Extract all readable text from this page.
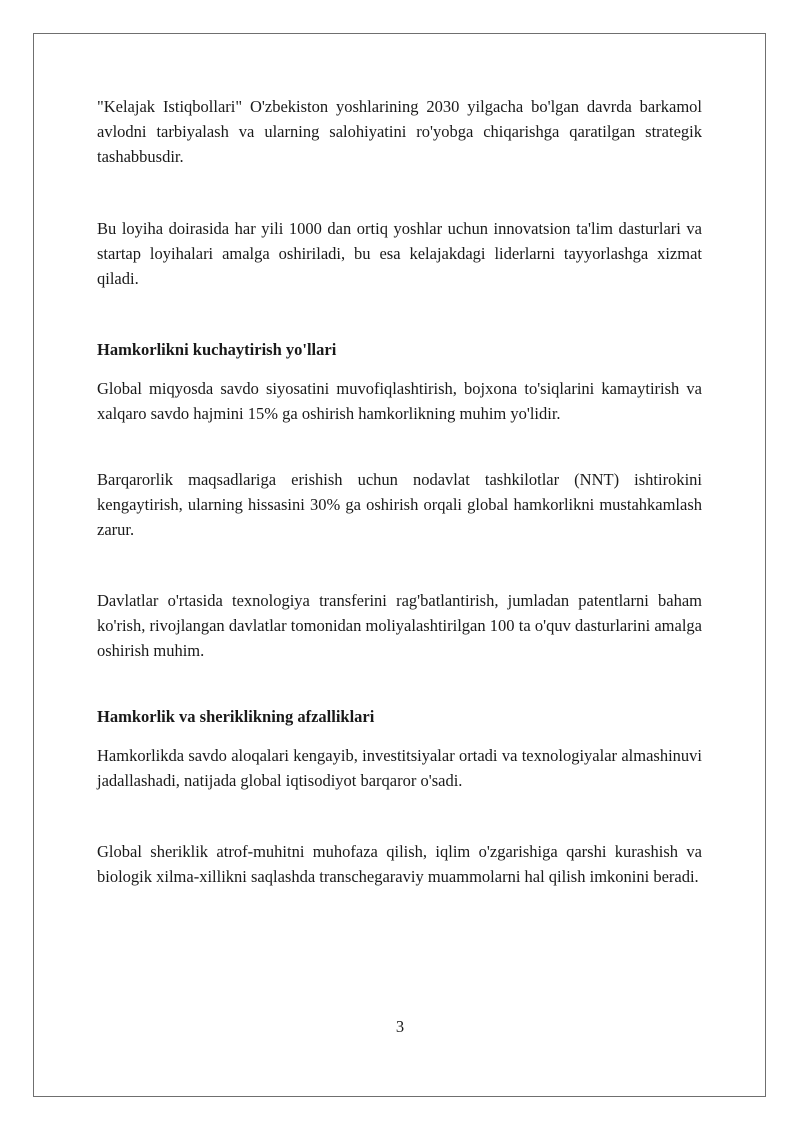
"Kelajak Istiqbollari" O'zbekiston yoshlarining 2030 yilgacha bo'lgan davrda barkamol avlodni tarbiyalash va ularning salohiyatini ro'yobga chiqarishga qaratilgan strategik tashabbusdir.

Bu loyiha doirasida har yili 1000 dan ortiq yoshlar uchun innovatsion ta'lim dasturlari va startap loyihalari amalga oshiriladi, bu esa kelajakdagi liderlarni tayyorlashga xizmat qiladi.

Hamkorlikni kuchaytirish yo'llari

Global miqyosda savdo siyosatini muvofiqlashtirish, bojxona to'siqlarini kamaytirish va xalqaro savdo hajmini 15% ga oshirish hamkorlikning muhim yo'lidir.

Barqarorlik maqsadlariga erishish uchun nodavlat tashkilotlar (NNT) ishtirokini kengaytirish, ularning hissasini 30% ga oshirish orqali global hamkorlikni mustahkamlash zarur.

Davlatlar o'rtasida texnologiya transferini rag'batlantirish, jumladan patentlarni baham ko'rish, rivojlangan davlatlar tomonidan moliyalashtirilgan 100 ta o'quv dasturlarini amalga oshirish muhim.

Hamkorlik va sheriklikning afzalliklari

Hamkorlikda savdo aloqalari kengayib, investitsiyalar ortadi va texnologiyalar almashinuvi jadallashadi, natijada global iqtisodiyot barqaror o'sadi.

Global sheriklik atrof-muhitni muhofaza qilish, iqlim o'zgarishiga qarshi kurashish va biologik xilma-xillikni saqlashda transchegaraviy muammolarni hal qilish imkonini beradi.

3
